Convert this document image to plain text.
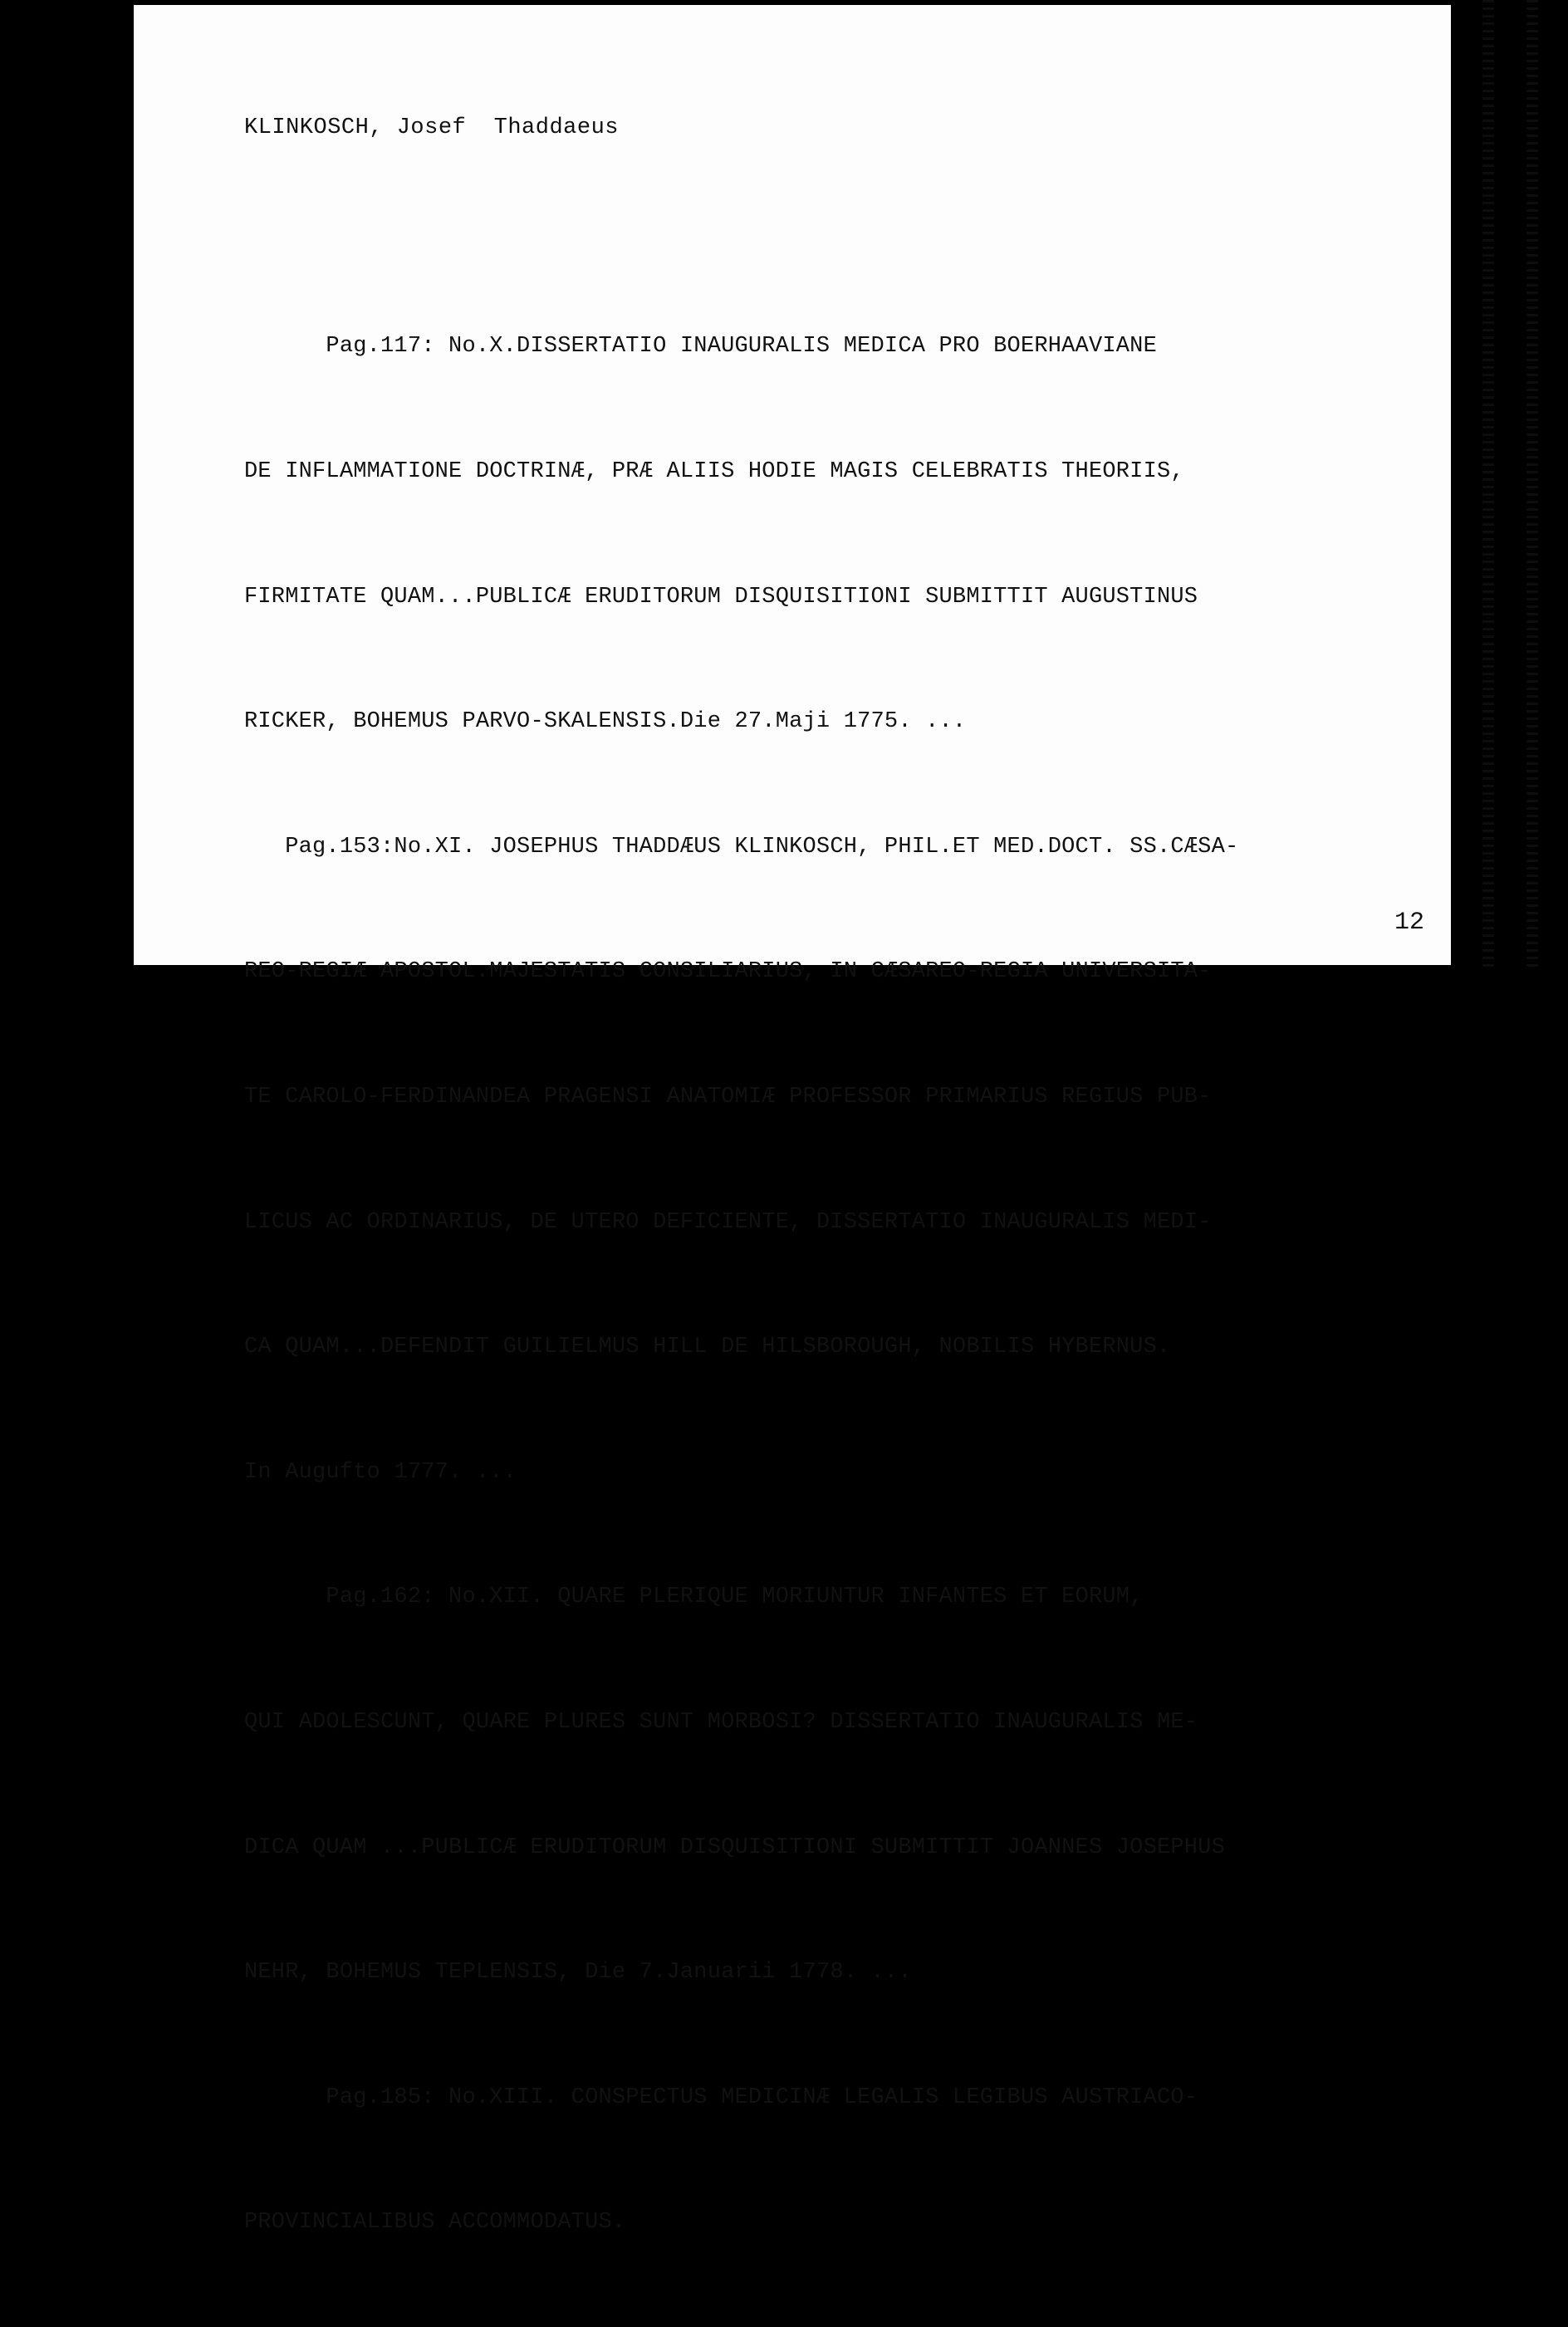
KLINKOSCH, Josef  Thaddaeus

Pag.117: No.X.DISSERTATIO INAUGURALIS MEDICA PRO BOERHAAVIANE

DE INFLAMMATIONE DOCTRINÆ, PRÆ ALIIS HODIE MAGIS CELEBRATIS THEORIIS,

FIRMITATE QUAM...PUBLICÆ ERUDITORUM DISQUISITIONI SUBMITTIT AUGUSTINUS

RICKER, BOHEMUS PARVO-SKALENSIS.Die 27.Maji 1775. ...

Pag.153:No.XI. JOSEPHUS THADDÆUS KLINKOSCH, PHIL.ET MED.DOCT. SS.CÆSA-

REO-REGIÆ APOSTOL.MAJESTATIS CONSILIARIUS, IN CÆSAREO-REGIA UNIVERSITA-

TE CAROLO-FERDINANDEA PRAGENSI ANATOMIÆ PROFESSOR PRIMARIUS REGIUS PUB-

LICUS AC ORDINARIUS, DE UTERO DEFICIENTE, DISSERTATIO INAUGURALIS MEDI-

CA QUAM...DEFENDIT GUILIELMUS HILL DE HILSBOROUGH, NOBILIS HYBERNUS.

In Augufto 1777. ...

Pag.162: No.XII. QUARE PLERIQUE MORIUNTUR INFANTES ET EORUM,

QUI ADOLESCUNT, QUARE PLURES SUNT MORBOSI? DISSERTATIO INAUGURALIS ME-

DICA QUAM ...PUBLICÆ ERUDITORUM DISQUISITIONI SUBMITTIT JOANNES JOSEPHUS

NEHR, BOHEMUS TEPLENSIS, Die 7.Januarii 1778. ...

Pag.185: No.XIII. CONSPECTUS MEDICINÆ LEGALIS LEGIBUS AUSTRIACO-

PROVINCIALIBUS ACCOMMODATUS.

12
